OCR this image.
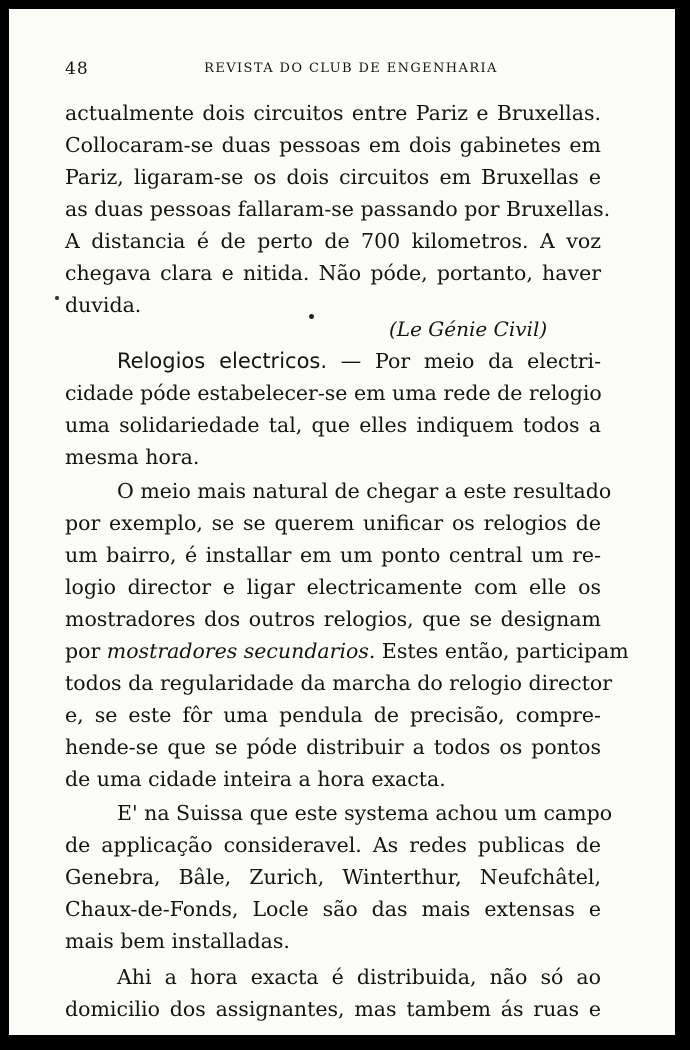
48	REVISTA DO CLUB DE ENGENHARIA
actualmente dois circuitos entre Pariz e Bruxellas.
Collocaram-se duas pessoas em dois gabinetes em
Pariz, ligaram-se os dois circuitos em Bruxellas e
as duas pessoas fallaram-se passando por Bruxellas.
A distancia é de perto de 700 kilometros. A voz
chegava clara e nitida. Não póde, portanto, haver
duvida.
(Le Génie Civil)
Relogios electricos. — Por meio da electri-
cidade póde estabelecer-se em uma rede de relogio
uma solidariedade tal, que elles indiquem todos a
mesma hora.
O meio mais natural de chegar a este resultado
por exemplo, se se querem unificar os relogios de
um bairro, é installar em um ponto central um re-
logio director e ligar electricamente com elle os
mostradores dos outros relogios, que se designam
por mostradores secundarios. Estes então, participam
todos da regularidade da marcha do relogio director
e, se este fôr uma pendula de precisão, compre-
hende-se que se póde distribuir a todos os pontos
de uma cidade inteira a hora exacta.
E' na Suissa que este systema achou um campo
de applicação consideravel. As redes publicas de
Genebra, Bâle, Zurich, Winterthur, Neufchâtel,
Chaux-de-Fonds, Locle são das mais extensas e
mais bem installadas.
Ahi a hora exacta é distribuida, não só ao
domicilio dos assignantes, mas tambem ás ruas e
